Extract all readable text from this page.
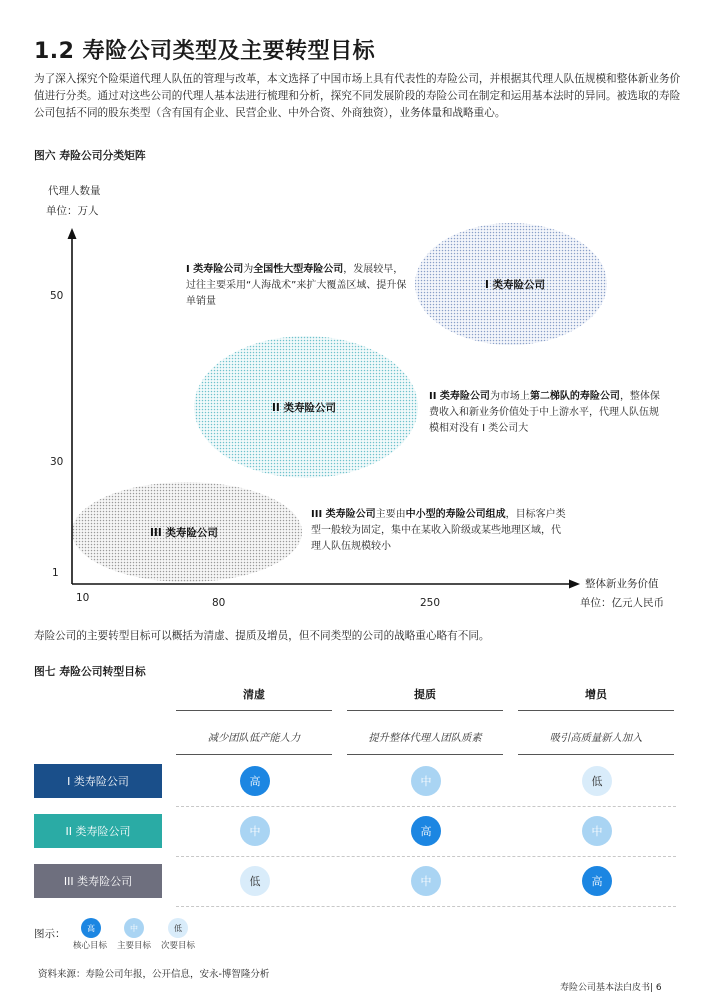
1.2 寿险公司类型及主要转型目标
为了深入探究个险渠道代理人队伍的管理与改革，本文选择了中国市场上具有代表性的寿险公司，并根据其代理人队伍规模和整体新业务价值进行分类。通过对这些公司的代理人基本法进行梳理和分析，探究不同发展阶段的寿险公司在制定和运用基本法时的异同。被选取的寿险公司包括不同的股东类型（含有国有企业、民营企业、中外合资、外商独资），业务体量和战略重心。
图六 寿险公司分类矩阵
代理人数量
单位：万人
50
30
1
10	80	250
整体新业务价值
单位：亿元人民币
I 类寿险公司
II 类寿险公司
III 类寿险公司
I 类寿险公司为全国性大型寿险公司，发展较早，过往主要采用“人海战术”来扩大覆盖区域、提升保单销量
II 类寿险公司为市场上第二梯队的寿险公司，整体保费收入和新业务价值处于中上游水平，代理人队伍规模相对没有 I 类公司大
III 类寿险公司主要由中小型的寿险公司组成，目标客户类型一般较为固定，集中在某收入阶级或某些地理区域，代理人队伍规模较小
寿险公司的主要转型目标可以概括为清虚、提质及增员，但不同类型的公司的战略重心略有不同。
图七 寿险公司转型目标
清虚	提质	增员
减少团队低产能人力	提升整体代理人团队质素	吸引高质量新人加入
I 类寿险公司	高	中	低
II 类寿险公司	中	高	中
III 类寿险公司	低	中	高
图示：	高	中	低
核心目标 主要目标 次要目标
资料来源：寿险公司年报，公开信息，安永-博智隆分析
寿险公司基本法白皮书| 6
